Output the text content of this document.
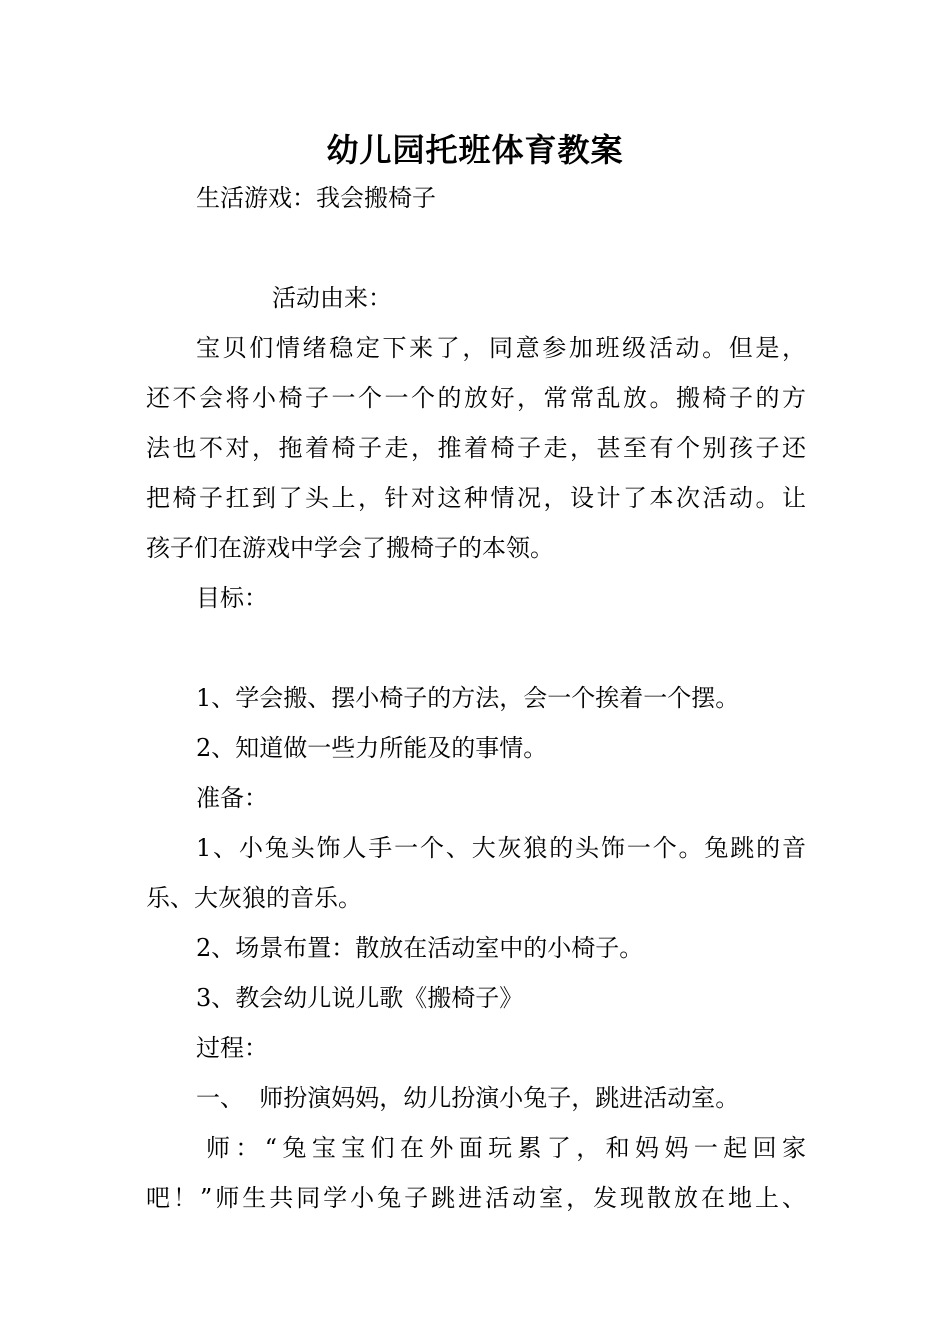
幼儿园托班体育教案
生活游戏：我会搬椅子
活动由来：
宝贝们情绪稳定下来了，同意参加班级活动。但是，
还不会将小椅子一个一个的放好，常常乱放。搬椅子的方
法也不对，拖着椅子走，推着椅子走，甚至有个别孩子还
把椅子扛到了头上，针对这种情况，设计了本次活动。让
孩子们在游戏中学会了搬椅子的本领。
目标：
1、学会搬、摆小椅子的方法，会一个挨着一个摆。
2、知道做一些力所能及的事情。
准备：
1、小兔头饰人手一个、大灰狼的头饰一个。兔跳的音
乐、大灰狼的音乐。
2、场景布置：散放在活动室中的小椅子。
3、教会幼儿说儿歌《搬椅子》
过程：
一、  师扮演妈妈，幼儿扮演小兔子，跳进活动室。
师：“兔宝宝们在外面玩累了，和妈妈一起回家
吧！”师生共同学小兔子跳进活动室，发现散放在地上、
